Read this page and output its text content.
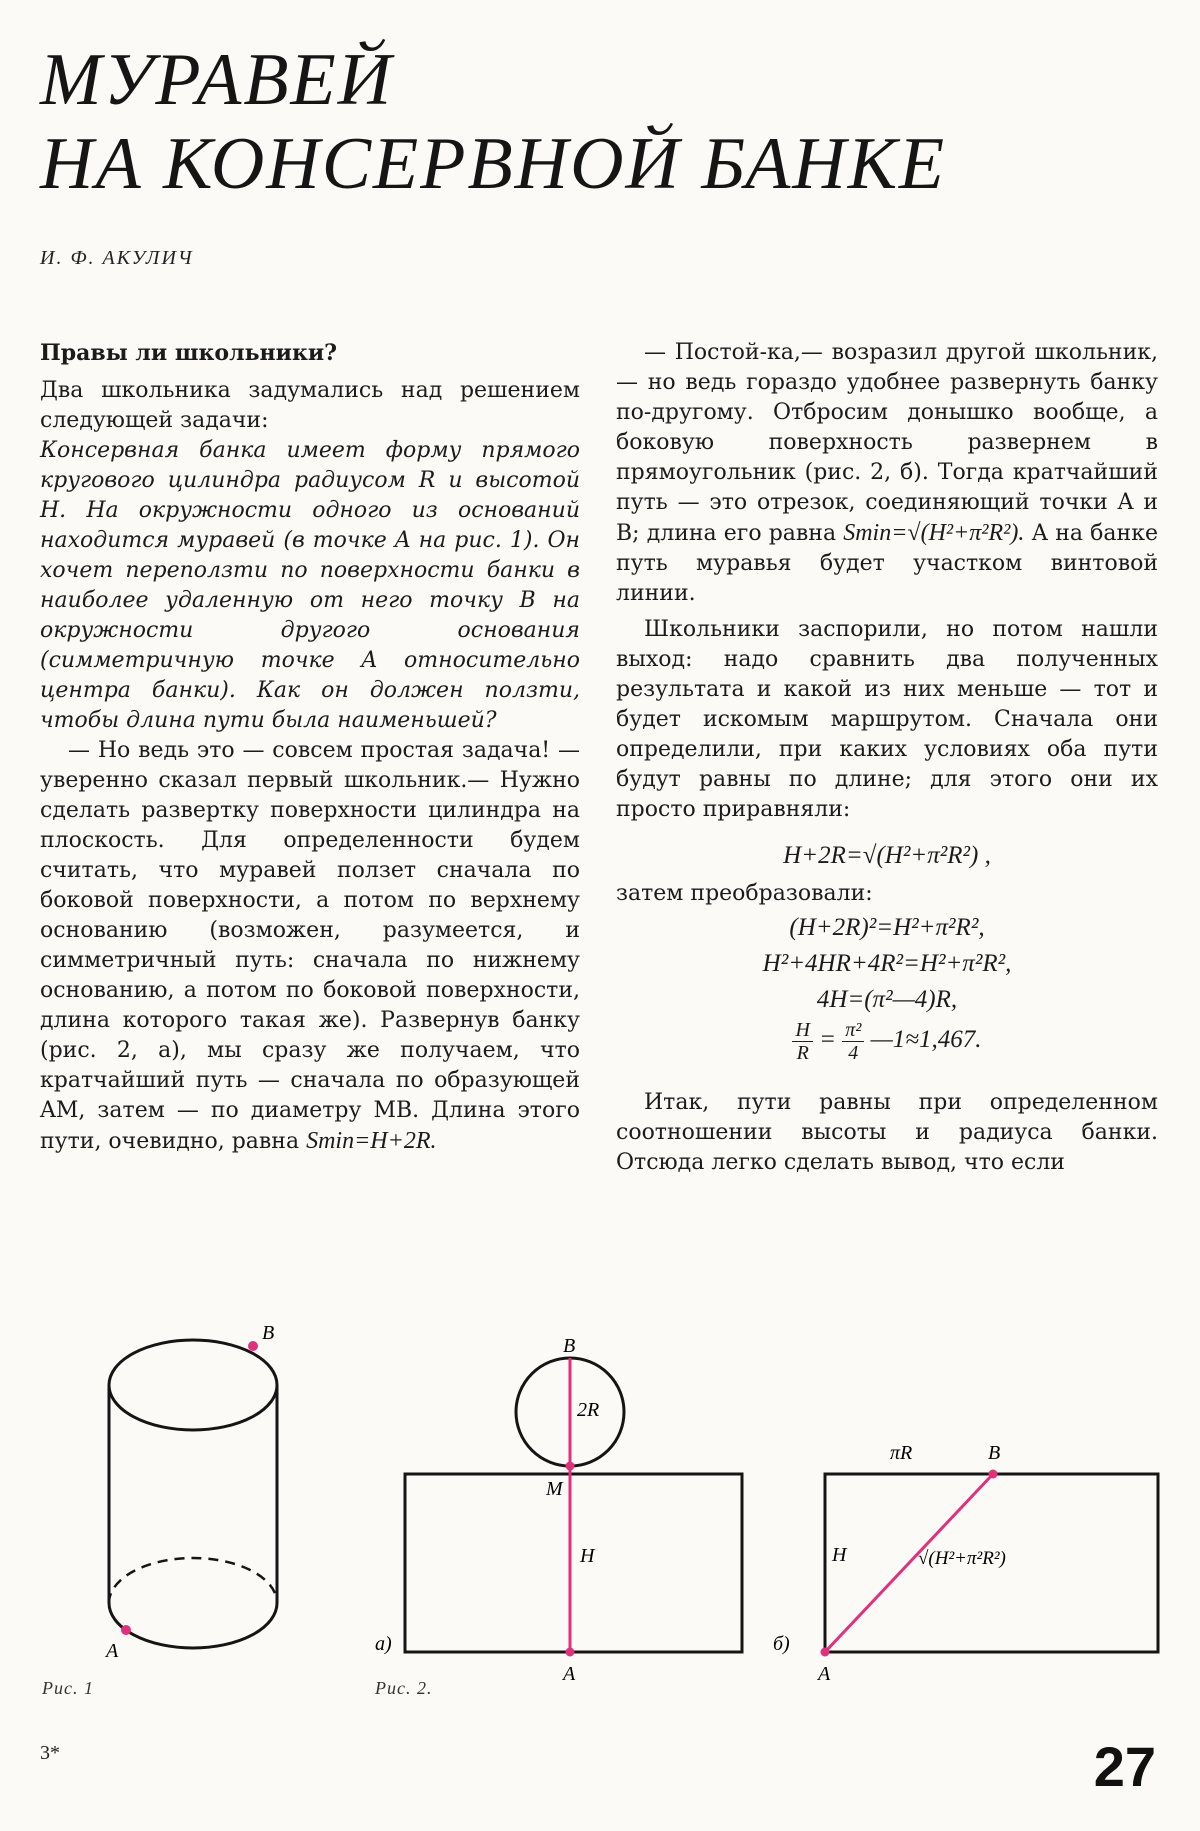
МУРАВЕЙ
НА КОНСЕРВНОЙ БАНКЕ
И. Ф. АКУЛИЧ

Правы ли школьники?

Два школьника задумались над решением следующей задачи:

Консервная банка имеет форму прямого кругового цилиндра радиусом R и высотой H. На окружности одного из оснований находится муравей (в точке A на рис. 1). Он хочет переползти по поверхности банки в наиболее удаленную от него точку B на окружности другого основания (симметричную точке A относительно центра банки). Как он должен ползти, чтобы длина пути была наименьшей?

— Но ведь это — совсем простая задача! — уверенно сказал первый школьник.— Нужно сделать развертку поверхности цилиндра на плоскость. Для определенности будем считать, что муравей ползет сначала по боковой поверхности, а потом по верхнему основанию (возможен, разумеется, и симметричный путь: сначала по нижнему основанию, а потом по боковой поверхности, длина которого такая же). Развернув банку (рис. 2, а), мы сразу же получаем, что кратчайший путь — сначала по образующей AM, затем — по диаметру MB. Длина этого пути, очевидно, равна Smin=H+2R.

— Постой-ка,— возразил другой школьник,— но ведь гораздо удобнее развернуть банку по-другому. Отбросим донышко вообще, а боковую поверхность развернем в прямоугольник (рис. 2, б). Тогда кратчайший путь — это отрезок, соединяющий точки A и B; длина его равна Smin=√(H²+π²R²). А на банке путь муравья будет участком винтовой линии.

Школьники заспорили, но потом нашли выход: надо сравнить два полученных результата и какой из них меньше — тот и будет искомым маршрутом. Сначала они определили, при каких условиях оба пути будут равны по длине; для этого они их просто приравняли:

H+2R=√(H²+π²R²) ,

затем преобразовали:

(H+2R)²=H²+π²R²,
H²+4HR+4R²=H²+π²R²,
4H=(π²—4)R,
$\frac{H}{R} = \frac{\text{π²}}{4}$ —1≈1,467.

Итак, пути равны при определенном соотношении высоты и радиуса банки. Отсюда легко сделать вывод, что если

B
A
B
2R
M
H
A
а)
πR	B
H	√(H²+π²R²)
A
б)
Рис. 1	Рис. 2.
3*	27
